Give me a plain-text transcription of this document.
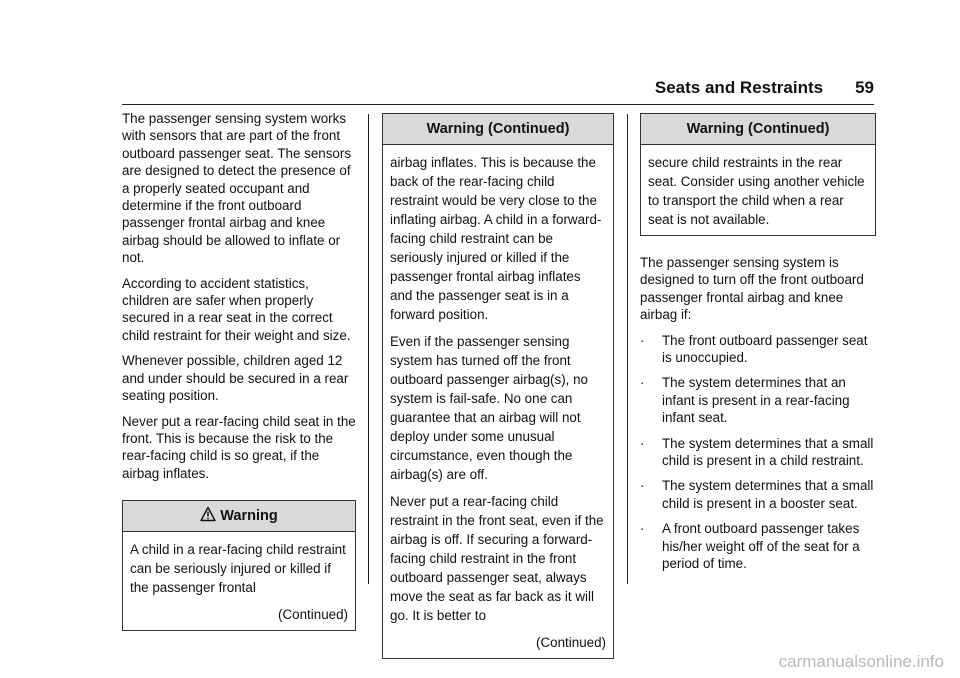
Seats and Restraints 59

The passenger sensing system works with sensors that are part of the front outboard passenger seat. The sensors are designed to detect the presence of a properly seated occupant and determine if the front outboard passenger frontal airbag and knee airbag should be allowed to inflate or not.

According to accident statistics, children are safer when properly secured in a rear seat in the correct child restraint for their weight and size.

Whenever possible, children aged 12 and under should be secured in a rear seating position.

Never put a rear-facing child seat in the front. This is because the risk to the rear-facing child is so great, if the airbag inflates.

Warning

A child in a rear-facing child restraint can be seriously injured or killed if the passenger frontal

(Continued)
Warning (Continued)

airbag inflates. This is because the back of the rear-facing child restraint would be very close to the inflating airbag. A child in a forward-facing child restraint can be seriously injured or killed if the passenger frontal airbag inflates and the passenger seat is in a forward position.

Even if the passenger sensing system has turned off the front outboard passenger airbag(s), no system is fail-safe. No one can guarantee that an airbag will not deploy under some unusual circumstance, even though the airbag(s) are off.

Never put a rear-facing child restraint in the front seat, even if the airbag is off. If securing a forward-facing child restraint in the front outboard passenger seat, always move the seat as far back as it will go. It is better to

(Continued)
Warning (Continued)

secure child restraints in the rear seat. Consider using another vehicle to transport the child when a rear seat is not available.

The passenger sensing system is designed to turn off the front outboard passenger frontal airbag and knee airbag if:

· The front outboard passenger seat is unoccupied.
· The system determines that an infant is present in a rear-facing infant seat.
· The system determines that a small child is present in a child restraint.
· The system determines that a small child is present in a booster seat.
· A front outboard passenger takes his/her weight off of the seat for a period of time.
carmanualsonline.info
